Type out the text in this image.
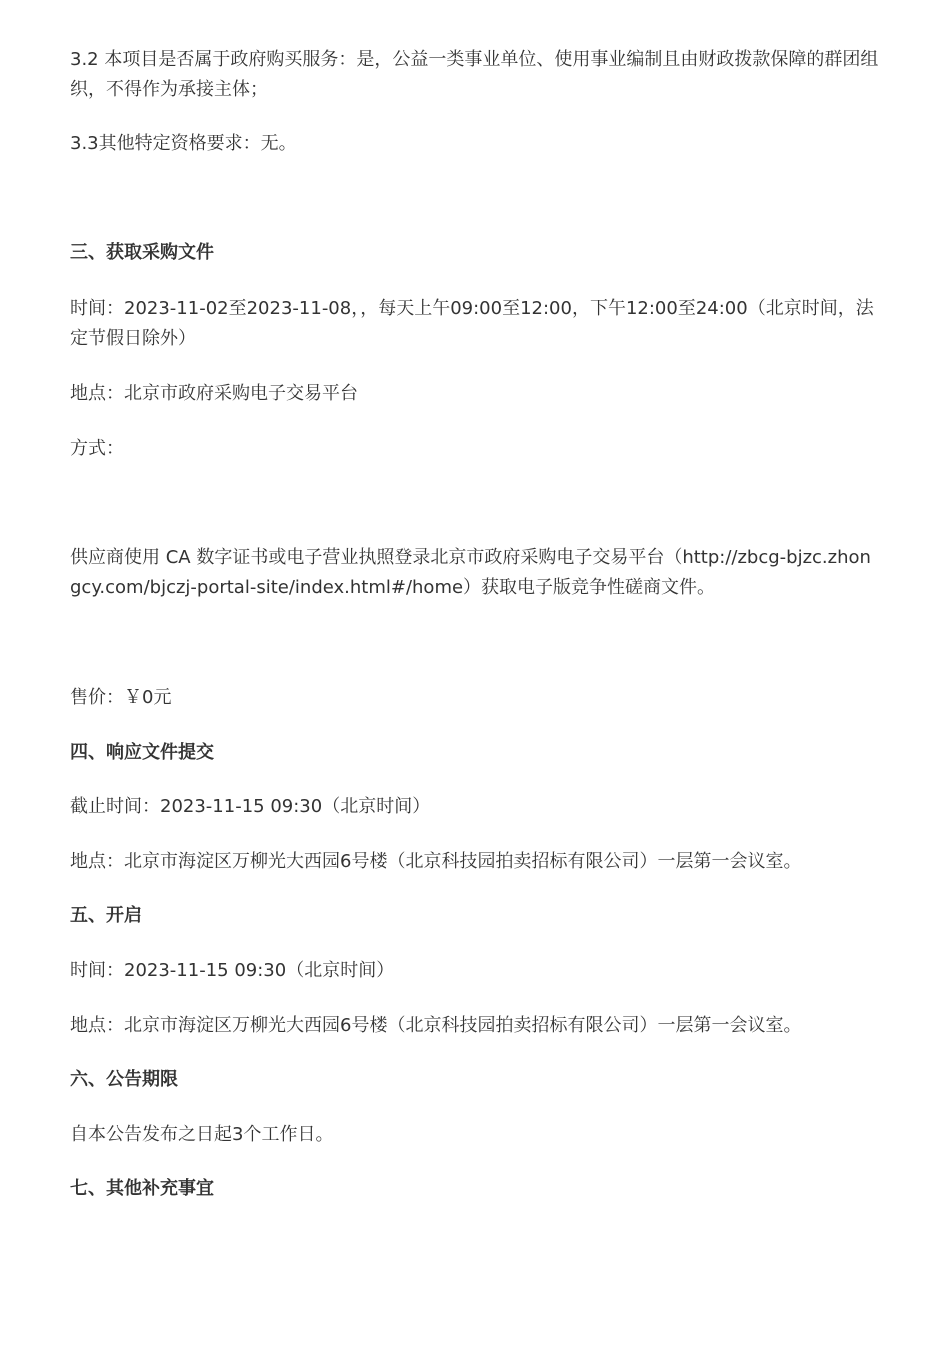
3.2 本项目是否属于政府购买服务：是，公益一类事业单位、使用事业编制且由财政拨款保障的群团组织，不得作为承接主体；

3.3其他特定资格要求：无。

三、获取采购文件

时间：2023-11-02至2023-11-08，，每天上午09:00至12:00，下午12:00至24:00（北京时间，法定节假日除外）

地点：北京市政府采购电子交易平台

方式：

供应商使用 CA 数字证书或电子营业执照登录北京市政府采购电子交易平台（http://zbcg-bjzc.zhongcy.com/bjczj-portal-site/index.html#/home）获取电子版竞争性磋商文件。

售价：￥0元

四、响应文件提交

截止时间：2023-11-15 09:30（北京时间）

地点：北京市海淀区万柳光大西园6号楼（北京科技园拍卖招标有限公司）一层第一会议室。

五、开启

时间：2023-11-15 09:30（北京时间）

地点：北京市海淀区万柳光大西园6号楼（北京科技园拍卖招标有限公司）一层第一会议室。

六、公告期限

自本公告发布之日起3个工作日。

七、其他补充事宜
